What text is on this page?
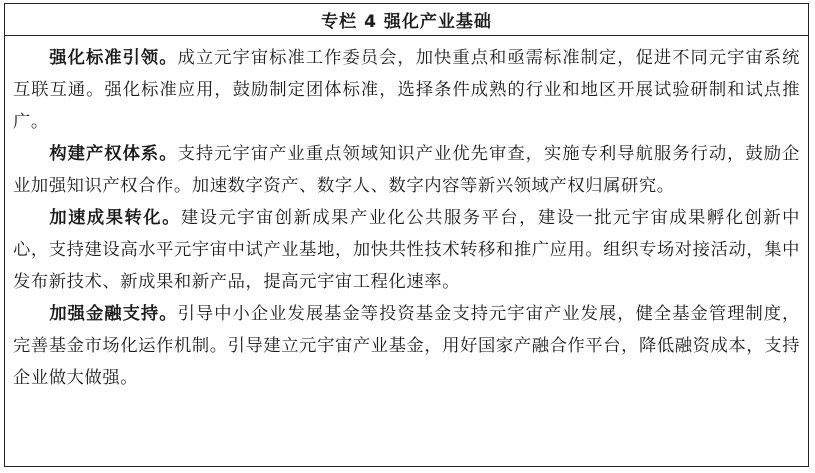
专栏 4 强化产业基础

强化标准引领。成立元宇宙标准工作委员会，加快重点和亟需标准制定，促进不同元宇宙系统互联互通。强化标准应用，鼓励制定团体标准，选择条件成熟的行业和地区开展试验研制和试点推广。

构建产权体系。支持元宇宙产业重点领域知识产业优先审查，实施专利导航服务行动，鼓励企业加强知识产权合作。加速数字资产、数字人、数字内容等新兴领域产权归属研究。

加速成果转化。建设元宇宙创新成果产业化公共服务平台，建设一批元宇宙成果孵化创新中心，支持建设高水平元宇宙中试产业基地，加快共性技术转移和推广应用。组织专场对接活动，集中发布新技术、新成果和新产品，提高元宇宙工程化速率。

加强金融支持。引导中小企业发展基金等投资基金支持元宇宙产业发展，健全基金管理制度，完善基金市场化运作机制。引导建立元宇宙产业基金，用好国家产融合作平台，降低融资成本，支持企业做大做强。
